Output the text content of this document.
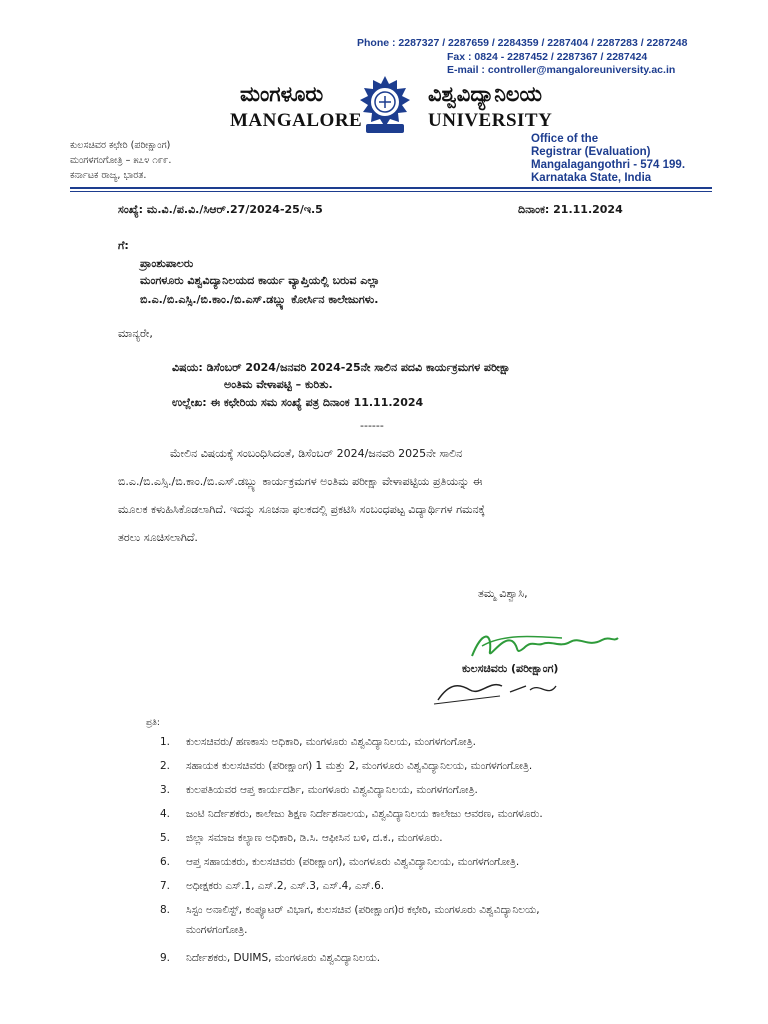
Phone : 2287327 / 2287659 / 2284359 / 2287404 / 2287283 / 2287248
Fax : 0824 - 2287452 / 2287367 / 2287424
E-mail : controller@mangaloreuniversity.ac.in
ಮಂಗಳೂರು	ವಿಶ್ವವಿದ್ಯಾನಿಲಯ
MANGALORE	UNIVERSITY
ಕುಲಸಚಿವರ ಕಛೇರಿ (ಪರೀಕ್ಷಾಂಗ)
ಮಂಗಳಗಂಗೋತ್ರಿ – ೫೭೪ ೧೯೯.
ಕರ್ನಾಟಕ ರಾಜ್ಯ, ಭಾರತ.
Office of the
Registrar (Evaluation)
Mangalagangothri - 574 199.
Karnataka State, India
ಸಂಖ್ಯೆ: ಮ.ವಿ./ಪ.ವಿ./ಸಿಆರ್.27/2024-25/ಇ.5	ದಿನಾಂಕ: 21.11.2024
ಗೆ:
ಪ್ರಾಂಶುಪಾಲರು
ಮಂಗಳೂರು ವಿಶ್ವವಿದ್ಯಾನಿಲಯದ ಕಾರ್ಯ ವ್ಯಾಪ್ತಿಯಲ್ಲಿ ಬರುವ ಎಲ್ಲಾ
ಬಿ.ಎ./ಬಿ.ಎಸ್ಸಿ./ಬಿ.ಕಾಂ./ಬಿ.ಎಸ್.ಡಬ್ಲ್ಯು ಕೋರ್ಸಿನ ಕಾಲೇಜುಗಳು.
ಮಾನ್ಯರೇ,
ವಿಷಯ: ಡಿಸೆಂಬರ್ 2024/ಜನವರಿ 2024-25ನೇ ಸಾಲಿನ ಪದವಿ ಕಾರ್ಯಕ್ರಮಗಳ ಪರೀಕ್ಷಾ
ಅಂತಿಮ ವೇಳಾಪಟ್ಟಿ – ಕುರಿತು.
ಉಲ್ಲೇಖ: ಈ ಕಛೇರಿಯ ಸಮ ಸಂಖ್ಯೆ ಪತ್ರ ದಿನಾಂಕ 11.11.2024
------
ಮೇಲಿನ ವಿಷಯಕ್ಕೆ ಸಂಬಂಧಿಸಿದಂತೆ, ಡಿಸೆಂಬರ್ 2024/ಜನವರಿ 2025ನೇ ಸಾಲಿನ
ಬಿ.ಎ./ಬಿ.ಎಸ್ಸಿ./ಬಿ.ಕಾಂ./ಬಿ.ಎಸ್.ಡಬ್ಲ್ಯು ಕಾರ್ಯಕ್ರಮಗಳ ಅಂತಿಮ ಪರೀಕ್ಷಾ ವೇಳಾಪಟ್ಟಿಯ ಪ್ರತಿಯನ್ನು ಈ
ಮೂಲಕ ಕಳುಹಿಸಿಕೊಡಲಾಗಿದೆ. ಇದನ್ನು ಸೂಚನಾ ಫಲಕದಲ್ಲಿ ಪ್ರಕಟಿಸಿ ಸಂಬಂಧಪಟ್ಟ ವಿದ್ಯಾರ್ಥಿಗಳ ಗಮನಕ್ಕೆ
ತರಲು ಸೂಚಿಸಲಾಗಿದೆ.
ತಮ್ಮ ವಿಶ್ವಾಸಿ,
ಕುಲಸಚಿವರು (ಪರೀಕ್ಷಾಂಗ)
ಪ್ರತಿ:
1. ಕುಲಸಚಿವರು/ ಹಣಕಾಸು ಅಧಿಕಾರಿ, ಮಂಗಳೂರು ವಿಶ್ವವಿದ್ಯಾನಿಲಯ, ಮಂಗಳಗಂಗೋತ್ರಿ.
2. ಸಹಾಯಕ ಕುಲಸಚಿವರು (ಪರೀಕ್ಷಾಂಗ) 1 ಮತ್ತು 2, ಮಂಗಳೂರು ವಿಶ್ವವಿದ್ಯಾನಿಲಯ, ಮಂಗಳಗಂಗೋತ್ರಿ.
3. ಕುಲಪತಿಯವರ ಆಪ್ತ ಕಾರ್ಯದರ್ಶಿ, ಮಂಗಳೂರು ವಿಶ್ವವಿದ್ಯಾನಿಲಯ, ಮಂಗಳಗಂಗೋತ್ರಿ.
4. ಜಂಟಿ ನಿರ್ದೇಶಕರು, ಕಾಲೇಜು ಶಿಕ್ಷಣ ನಿರ್ದೇಶನಾಲಯ, ವಿಶ್ವವಿದ್ಯಾನಿಲಯ ಕಾಲೇಜು ಆವರಣ, ಮಂಗಳೂರು.
5. ಜಿಲ್ಲಾ ಸಮಾಜ ಕಲ್ಯಾಣ ಅಧಿಕಾರಿ, ಡಿ.ಸಿ. ಆಫೀಸಿನ ಬಳಿ, ದ.ಕ., ಮಂಗಳೂರು.
6. ಆಪ್ತ ಸಹಾಯಕರು, ಕುಲಸಚಿವರು (ಪರೀಕ್ಷಾಂಗ), ಮಂಗಳೂರು ವಿಶ್ವವಿದ್ಯಾನಿಲಯ, ಮಂಗಳಗಂಗೋತ್ರಿ.
7. ಅಧೀಕ್ಷಕರು ಎಸ್.1, ಎಸ್.2, ಎಸ್.3, ಎಸ್.4, ಎಸ್.6.
8. ಸಿಸ್ಟಂ ಅನಾಲಿಸ್ಟ್, ಕಂಪ್ಯೂಟರ್ ವಿಭಾಗ, ಕುಲಸಚಿವ (ಪರೀಕ್ಷಾಂಗ)ರ ಕಛೇರಿ, ಮಂಗಳೂರು ವಿಶ್ವವಿದ್ಯಾನಿಲಯ,
ಮಂಗಳಗಂಗೋತ್ರಿ.
9. ನಿರ್ದೇಶಕರು, DUIMS, ಮಂಗಳೂರು ವಿಶ್ವವಿದ್ಯಾನಿಲಯ.
